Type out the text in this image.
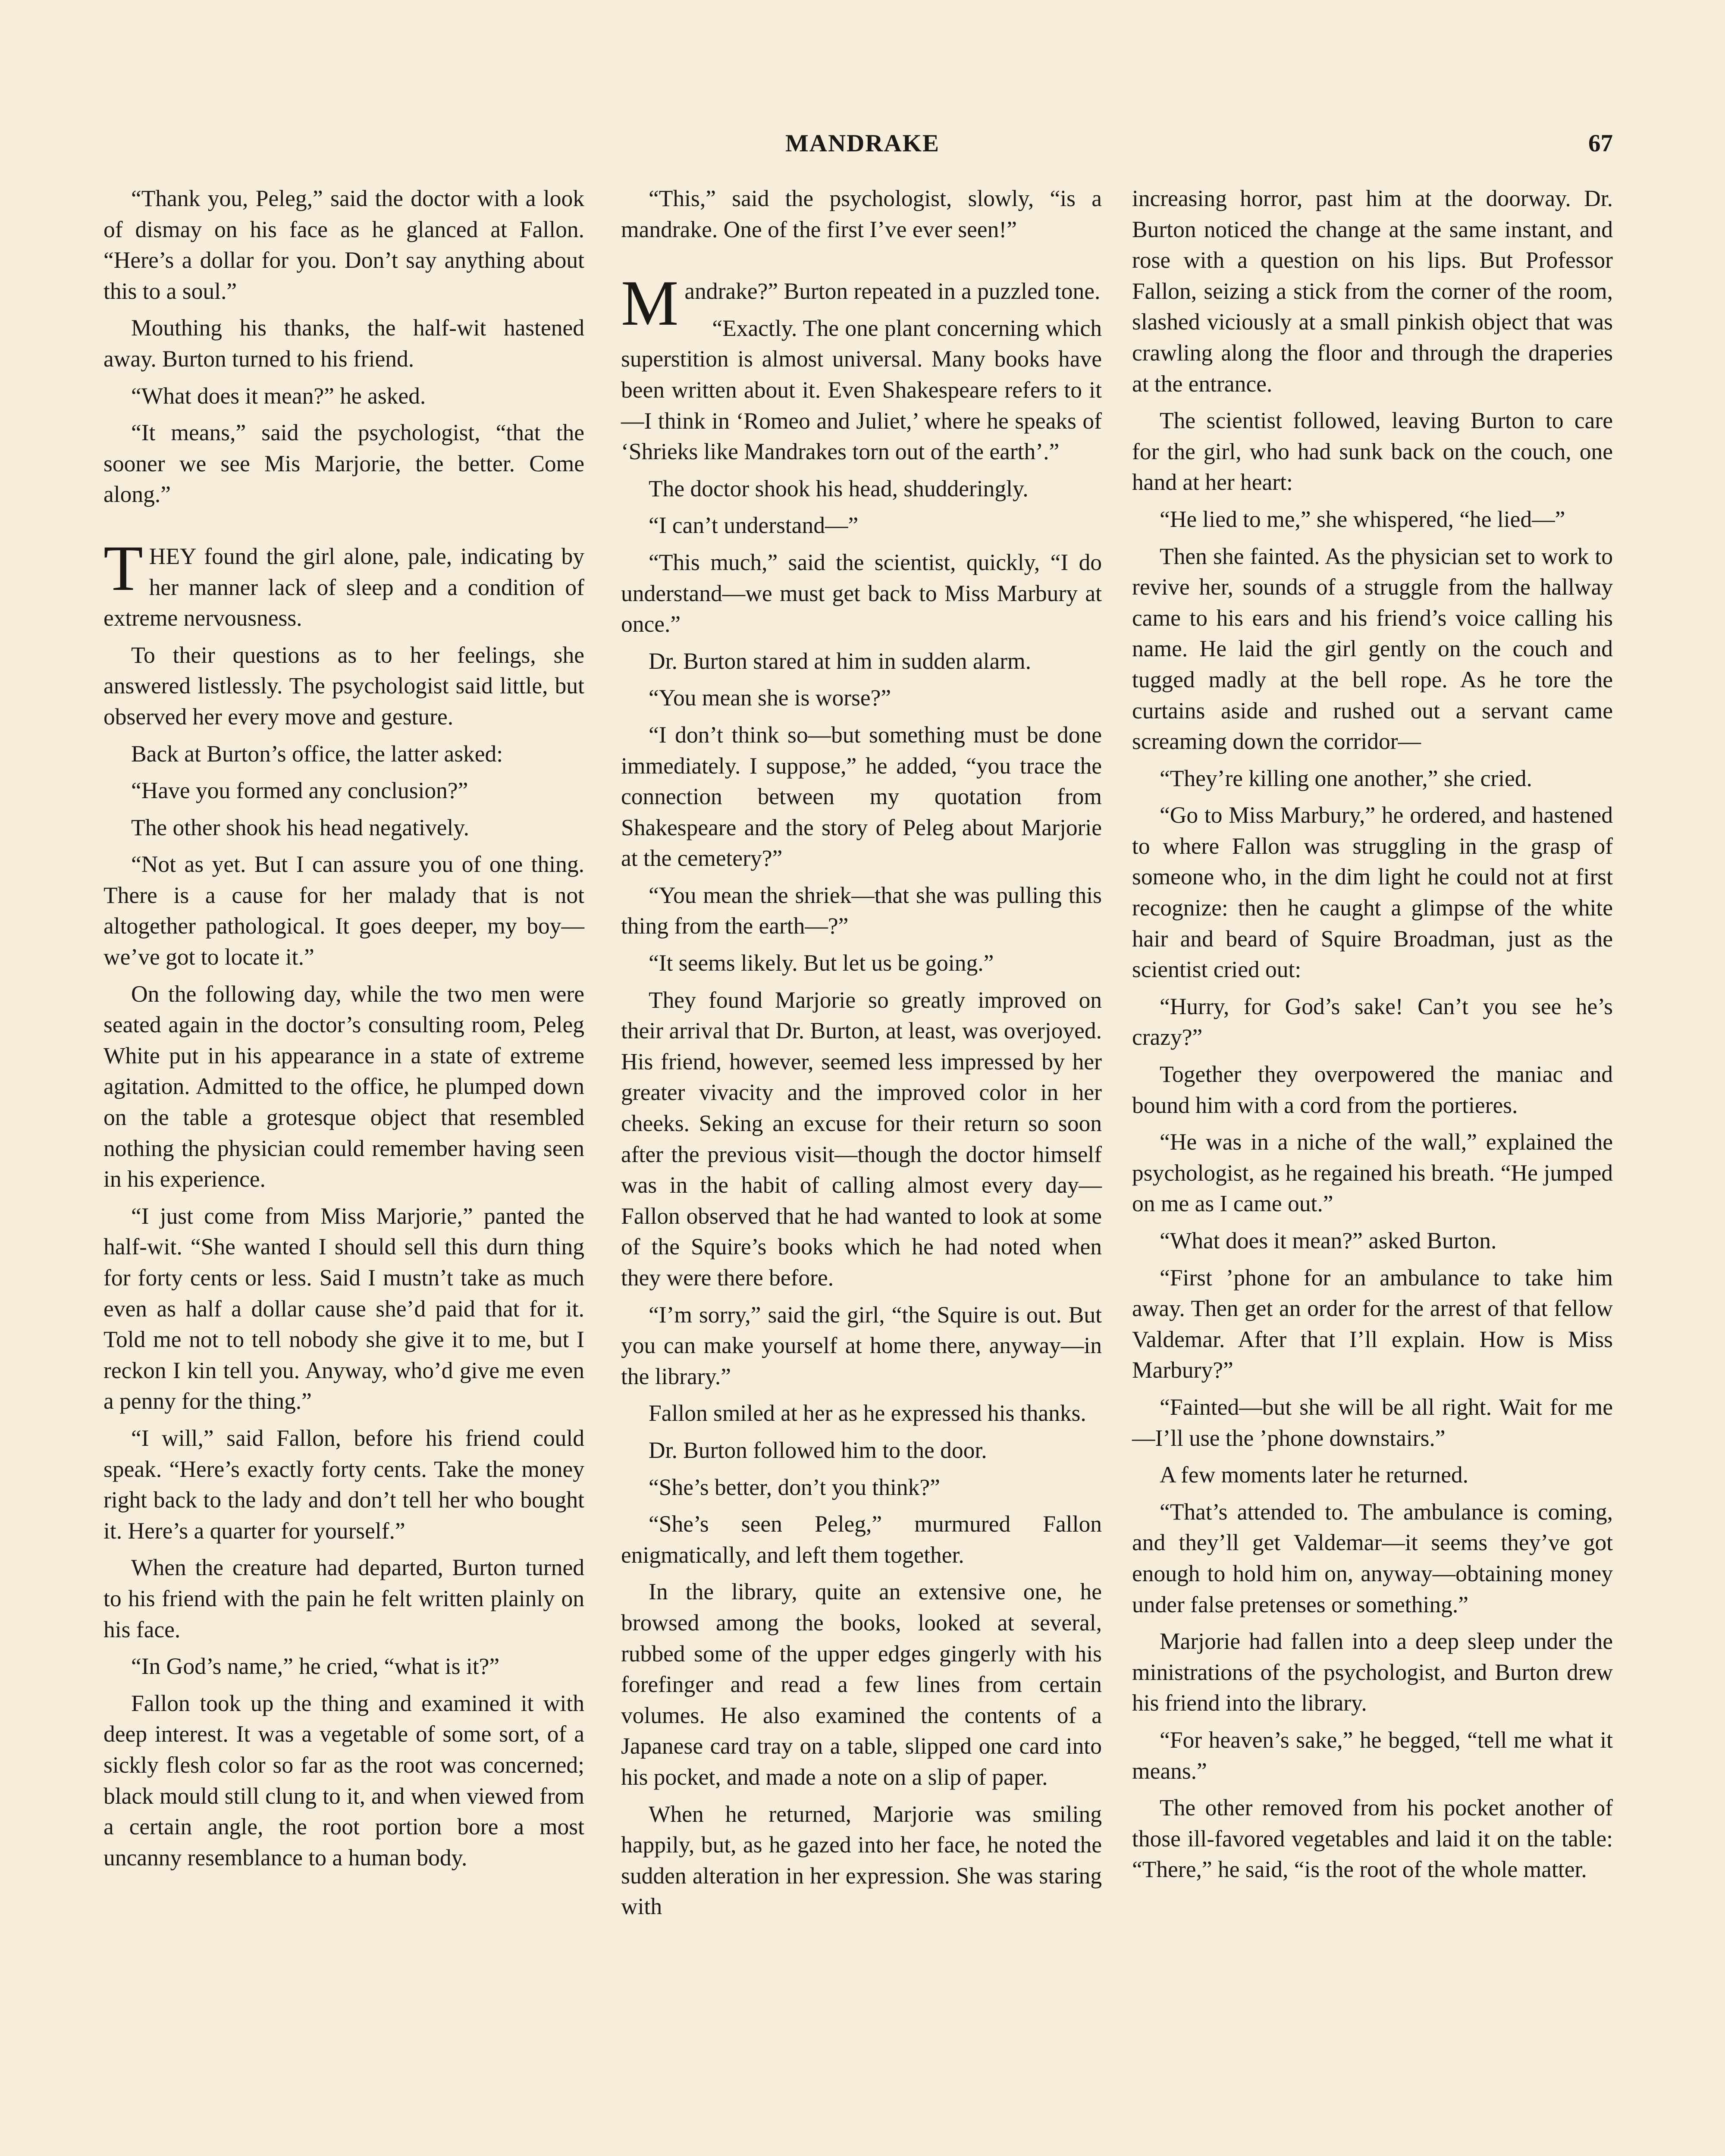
MANDRAKE	67

“Thank you, Peleg,” said the doctor with a look of dismay on his face as he glanced at Fallon. “Here’s a dollar for you. Don’t say anything about this to a soul.”

Mouthing his thanks, the half-wit hastened away. Burton turned to his friend.

“What does it mean?” he asked.

“It means,” said the psychologist, “that the sooner we see Mis Marjorie, the better. Come along.”

THEY found the girl alone, pale, indicating by her manner lack of sleep and a condition of extreme nervousness.

To their questions as to her feelings, she answered listlessly. The psychologist said little, but observed her every move and gesture.

Back at Burton’s office, the latter asked:

“Have you formed any conclusion?”

The other shook his head negatively.

“Not as yet. But I can assure you of one thing. There is a cause for her malady that is not altogether pathological. It goes deeper, my boy—we’ve got to locate it.”

On the following day, while the two men were seated again in the doctor’s consulting room, Peleg White put in his appearance in a state of extreme agitation. Admitted to the office, he plumped down on the table a grotesque object that resembled nothing the physician could remember having seen in his experience.

“I just come from Miss Marjorie,” panted the half-wit. “She wanted I should sell this durn thing for forty cents or less. Said I mustn’t take as much even as half a dollar cause she’d paid that for it. Told me not to tell nobody she give it to me, but I reckon I kin tell you. Anyway, who’d give me even a penny for the thing.”

“I will,” said Fallon, before his friend could speak. “Here’s exactly forty cents. Take the money right back to the lady and don’t tell her who bought it. Here’s a quarter for yourself.”

When the creature had departed, Burton turned to his friend with the pain he felt written plainly on his face.

“In God’s name,” he cried, “what is it?”

Fallon took up the thing and examined it with deep interest. It was a vegetable of some sort, of a sickly flesh color so far as the root was concerned; black mould still clung to it, and when viewed from a certain angle, the root portion bore a most uncanny resemblance to a human body.

“This,” said the psychologist, slowly, “is a mandrake. One of the first I’ve ever seen!”

Mandrake?” Burton repeated in a puzzled tone.

“Exactly. The one plant concerning which superstition is almost universal. Many books have been written about it. Even Shakespeare refers to it—I think in ‘Romeo and Juliet,’ where he speaks of ‘Shrieks like Mandrakes torn out of the earth’.”

The doctor shook his head, shudderingly.

“I can’t understand—”

“This much,” said the scientist, quickly, “I do understand—we must get back to Miss Marbury at once.”

Dr. Burton stared at him in sudden alarm.

“You mean she is worse?”

“I don’t think so—but something must be done immediately. I suppose,” he added, “you trace the connection between my quotation from Shakespeare and the story of Peleg about Marjorie at the cemetery?”

“You mean the shriek—that she was pulling this thing from the earth—?”

“It seems likely. But let us be going.”

They found Marjorie so greatly improved on their arrival that Dr. Burton, at least, was overjoyed. His friend, however, seemed less impressed by her greater vivacity and the improved color in her cheeks. Seking an excuse for their return so soon after the previous visit—though the doctor himself was in the habit of calling almost every day—Fallon observed that he had wanted to look at some of the Squire’s books which he had noted when they were there before.

“I’m sorry,” said the girl, “the Squire is out. But you can make yourself at home there, anyway—in the library.”

Fallon smiled at her as he expressed his thanks.

Dr. Burton followed him to the door.

“She’s better, don’t you think?”

“She’s seen Peleg,” murmured Fallon enigmatically, and left them together.

In the library, quite an extensive one, he browsed among the books, looked at several, rubbed some of the upper edges gingerly with his forefinger and read a few lines from certain volumes. He also examined the contents of a Japanese card tray on a table, slipped one card into his pocket, and made a note on a slip of paper.

When he returned, Marjorie was smiling happily, but, as he gazed into her face, he noted the sudden alteration in her expression. She was staring with

increasing horror, past him at the doorway. Dr. Burton noticed the change at the same instant, and rose with a question on his lips. But Professor Fallon, seizing a stick from the corner of the room, slashed viciously at a small pinkish object that was crawling along the floor and through the draperies at the entrance.

The scientist followed, leaving Burton to care for the girl, who had sunk back on the couch, one hand at her heart:

“He lied to me,” she whispered, “he lied—”

Then she fainted. As the physician set to work to revive her, sounds of a struggle from the hallway came to his ears and his friend’s voice calling his name. He laid the girl gently on the couch and tugged madly at the bell rope. As he tore the curtains aside and rushed out a servant came screaming down the corridor—

“They’re killing one another,” she cried.

“Go to Miss Marbury,” he ordered, and hastened to where Fallon was struggling in the grasp of someone who, in the dim light he could not at first recognize: then he caught a glimpse of the white hair and beard of Squire Broadman, just as the scientist cried out:

“Hurry, for God’s sake! Can’t you see he’s crazy?”

Together they overpowered the maniac and bound him with a cord from the portieres.

“He was in a niche of the wall,” explained the psychologist, as he regained his breath. “He jumped on me as I came out.”

“What does it mean?” asked Burton.

“First ’phone for an ambulance to take him away. Then get an order for the arrest of that fellow Valdemar. After that I’ll explain. How is Miss Marbury?”

“Fainted—but she will be all right. Wait for me—I’ll use the ’phone downstairs.”

A few moments later he returned.

“That’s attended to. The ambulance is coming, and they’ll get Valdemar—it seems they’ve got enough to hold him on, anyway—obtaining money under false pretenses or something.”

Marjorie had fallen into a deep sleep under the ministrations of the psychologist, and Burton drew his friend into the library.

“For heaven’s sake,” he begged, “tell me what it means.”

The other removed from his pocket another of those ill-favored vegetables and laid it on the table: “There,” he said, “is the root of the whole matter.
